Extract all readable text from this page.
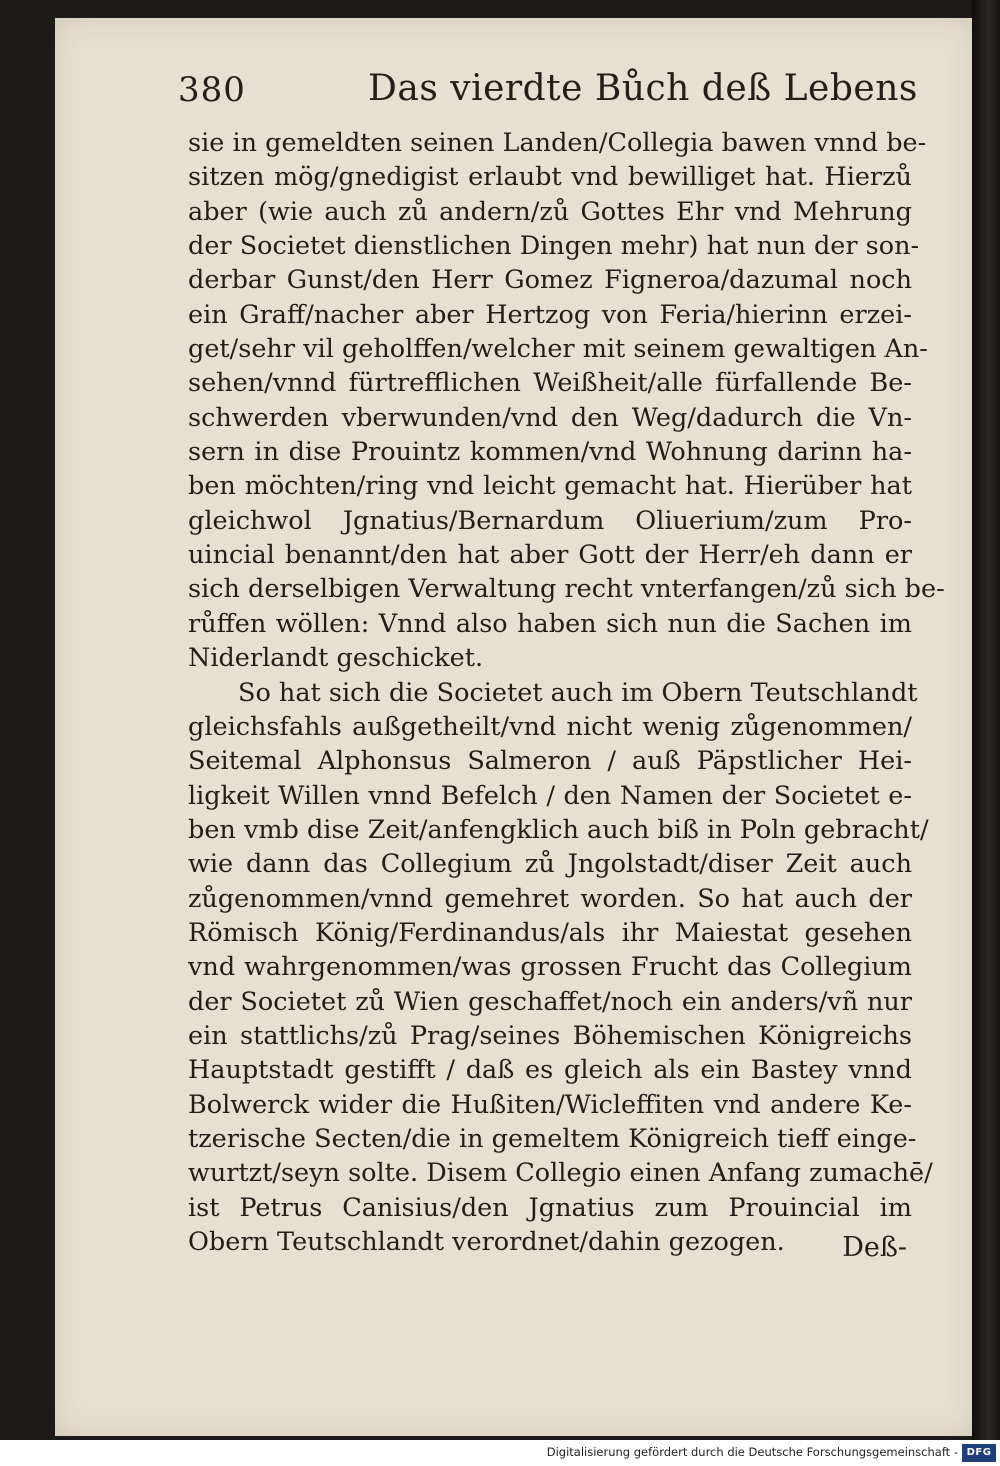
380	Das vierdte Bůch deß Lebens
sie in gemeldten seinen Landen/Collegia bawen vnnd be-
sitzen mög/gnedigist erlaubt vnd bewilliget hat. Hierzů
aber (wie auch zů andern/zů Gottes Ehr vnd Mehrung
der Societet dienstlichen Dingen mehr) hat nun der son-
derbar Gunst/den Herr Gomez Figneroa/dazumal noch
ein Graff/nacher aber Hertzog von Feria/hierinn erzei-
get/sehr vil geholffen/welcher mit seinem gewaltigen An-
sehen/vnnd fürtrefflichen Weißheit/alle fürfallende Be-
schwerden vberwunden/vnd den Weg/dadurch die Vn-
sern in dise Prouintz kommen/vnd Wohnung darinn ha-
ben möchten/ring vnd leicht gemacht hat. Hierüber hat
gleichwol Jgnatius/Bernardum Oliuerium/zum Pro-
uincial benannt/den hat aber Gott der Herr/eh dann er
sich derselbigen Verwaltung recht vnterfangen/zů sich be-
růffen wöllen: Vnnd also haben sich nun die Sachen im
Niderlandt geschicket.
So hat sich die Societet auch im Obern Teutschlandt
gleichsfahls außgetheilt/vnd nicht wenig zůgenommen/
Seitemal Alphonsus Salmeron / auß Päpstlicher Hei-
ligkeit Willen vnnd Befelch / den Namen der Societet e-
ben vmb dise Zeit/anfengklich auch biß in Poln gebracht/
wie dann das Collegium zů Jngolstadt/diser Zeit auch
zůgenommen/vnnd gemehret worden. So hat auch der
Römisch König/Ferdinandus/als ihr Maiestat gesehen
vnd wahrgenommen/was grossen Frucht das Collegium
der Societet zů Wien geschaffet/noch ein anders/vñ nur
ein stattlichs/zů Prag/seines Böhemischen Königreichs
Hauptstadt gestifft / daß es gleich als ein Bastey vnnd
Bolwerck wider die Hußiten/Wicleffiten vnd andere Ke-
tzerische Secten/die in gemeltem Königreich tieff einge-
wurtzt/seyn solte. Disem Collegio einen Anfang zumachē/
ist Petrus Canisius/den Jgnatius zum Prouincial im
Obern Teutschlandt verordnet/dahin gezogen.	Deß-
Digitalisierung gefördert durch die Deutsche Forschungsgemeinschaft - DFG
